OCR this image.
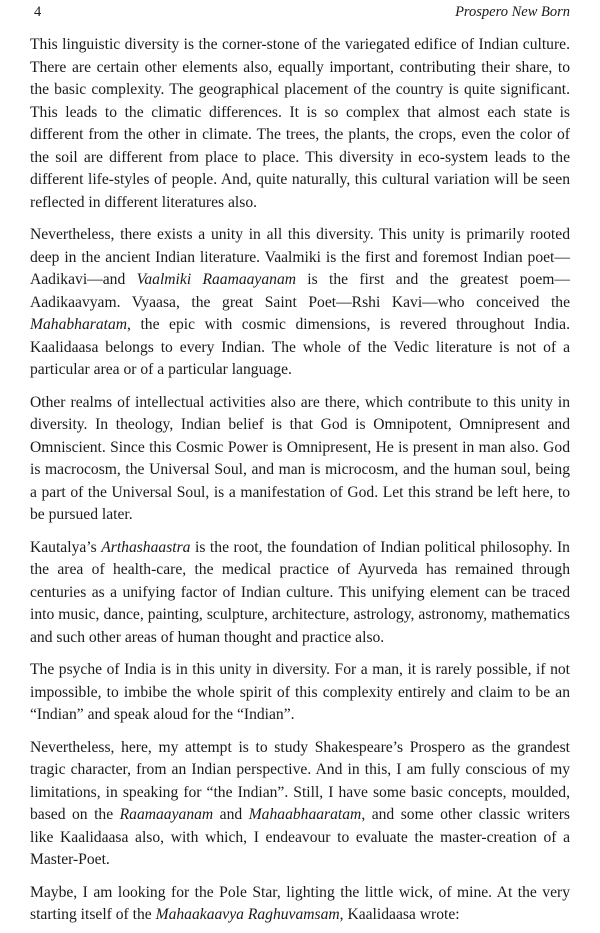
4	Prospero New Born

This linguistic diversity is the corner-stone of the variegated edifice of Indian culture. There are certain other elements also, equally important, contributing their share, to the basic complexity. The geographical placement of the country is quite significant. This leads to the climatic differences. It is so complex that almost each state is different from the other in climate. The trees, the plants, the crops, even the color of the soil are different from place to place. This diversity in eco-system leads to the different life-styles of people. And, quite naturally, this cultural variation will be seen reflected in different literatures also.

Nevertheless, there exists a unity in all this diversity. This unity is primarily rooted deep in the ancient Indian literature. Vaalmiki is the first and foremost Indian poet—Aadikavi—and Vaalmiki Raamaayanam is the first and the greatest poem—Aadikaavyam. Vyaasa, the great Saint Poet—Rshi Kavi—who conceived the Mahabharatam, the epic with cosmic dimensions, is revered throughout India. Kaalidaasa belongs to every Indian. The whole of the Vedic literature is not of a particular area or of a particular language.

Other realms of intellectual activities also are there, which contribute to this unity in diversity. In theology, Indian belief is that God is Omnipotent, Omnipresent and Omniscient. Since this Cosmic Power is Omnipresent, He is present in man also. God is macrocosm, the Universal Soul, and man is microcosm, and the human soul, being a part of the Universal Soul, is a manifestation of God. Let this strand be left here, to be pursued later.

Kautalya’s Arthashaastra is the root, the foundation of Indian political philosophy. In the area of health-care, the medical practice of Ayurveda has remained through centuries as a unifying factor of Indian culture. This unifying element can be traced into music, dance, painting, sculpture, architecture, astrology, astronomy, mathematics and such other areas of human thought and practice also.

The psyche of India is in this unity in diversity. For a man, it is rarely possible, if not impossible, to imbibe the whole spirit of this complexity entirely and claim to be an “Indian” and speak aloud for the “Indian”.

Nevertheless, here, my attempt is to study Shakespeare’s Prospero as the grandest tragic character, from an Indian perspective. And in this, I am fully conscious of my limitations, in speaking for “the Indian”. Still, I have some basic concepts, moulded, based on the Raamaayanam and Mahaabhaaratam, and some other classic writers like Kaalidaasa also, with which, I endeavour to evaluate the master-creation of a Master-Poet.

Maybe, I am looking for the Pole Star, lighting the little wick, of mine. At the very starting itself of the Mahaakaavya Raghuvamsam, Kaalidaasa wrote:
